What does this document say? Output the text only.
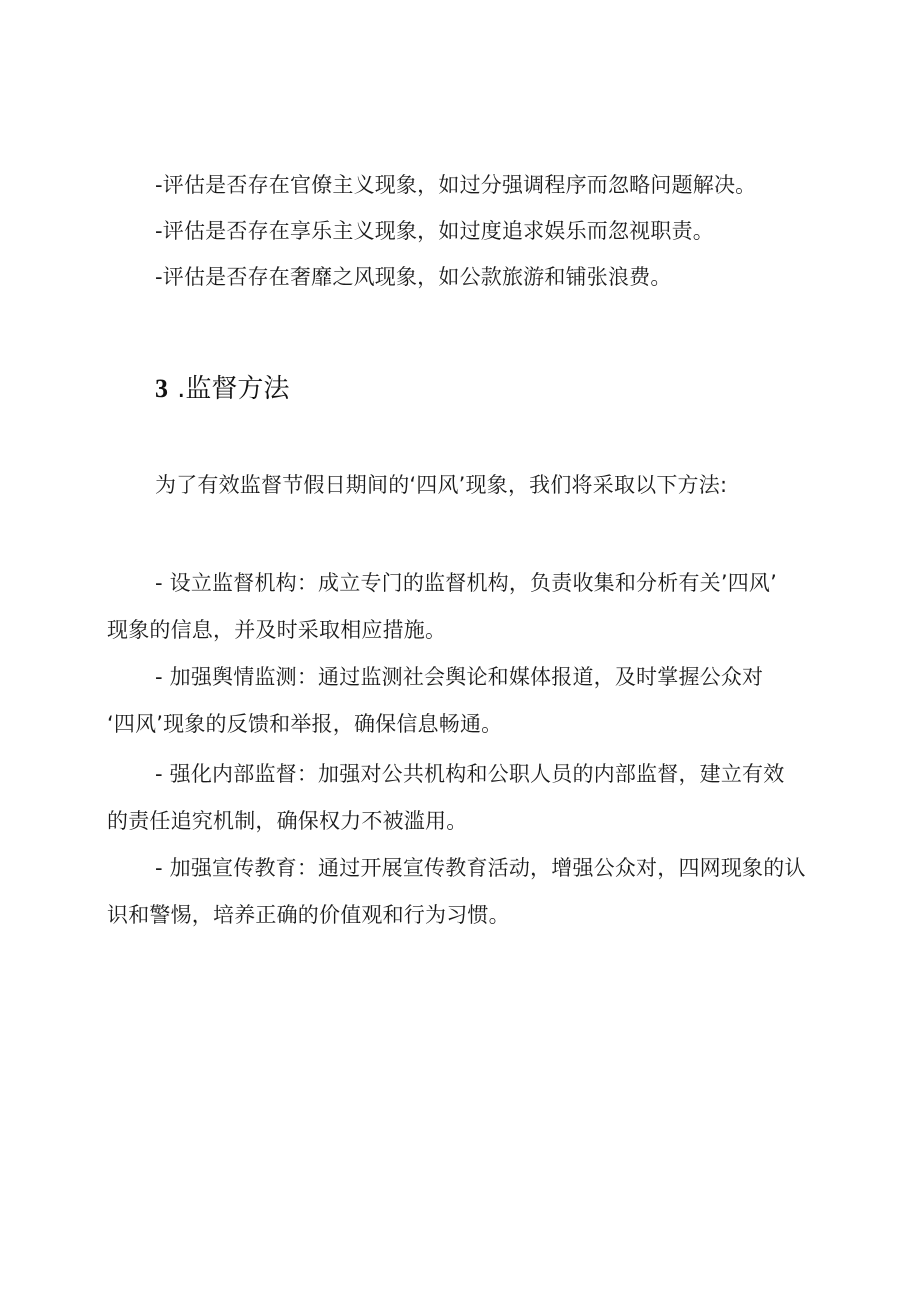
-评估是否存在官僚主义现象，如过分强调程序而忽略问题解决。
-评估是否存在享乐主义现象，如过度追求娱乐而忽视职责。
-评估是否存在奢靡之风现象，如公款旅游和铺张浪费。
3 .监督方法
为了有效监督节假日期间的‘四风’现象，我们将采取以下方法:
- 设立监督机构：成立专门的监督机构，负责收集和分析有关’四风’
现象的信息，并及时采取相应措施。
- 加强舆情监测：通过监测社会舆论和媒体报道，及时掌握公众对
‘四风’现象的反馈和举报，确保信息畅通。
- 强化内部监督：加强对公共机构和公职人员的内部监督，建立有效
的责任追究机制，确保权力不被滥用。
- 加强宣传教育：通过开展宣传教育活动，增强公众对，四网现象的认
识和警惕，培养正确的价值观和行为习惯。
